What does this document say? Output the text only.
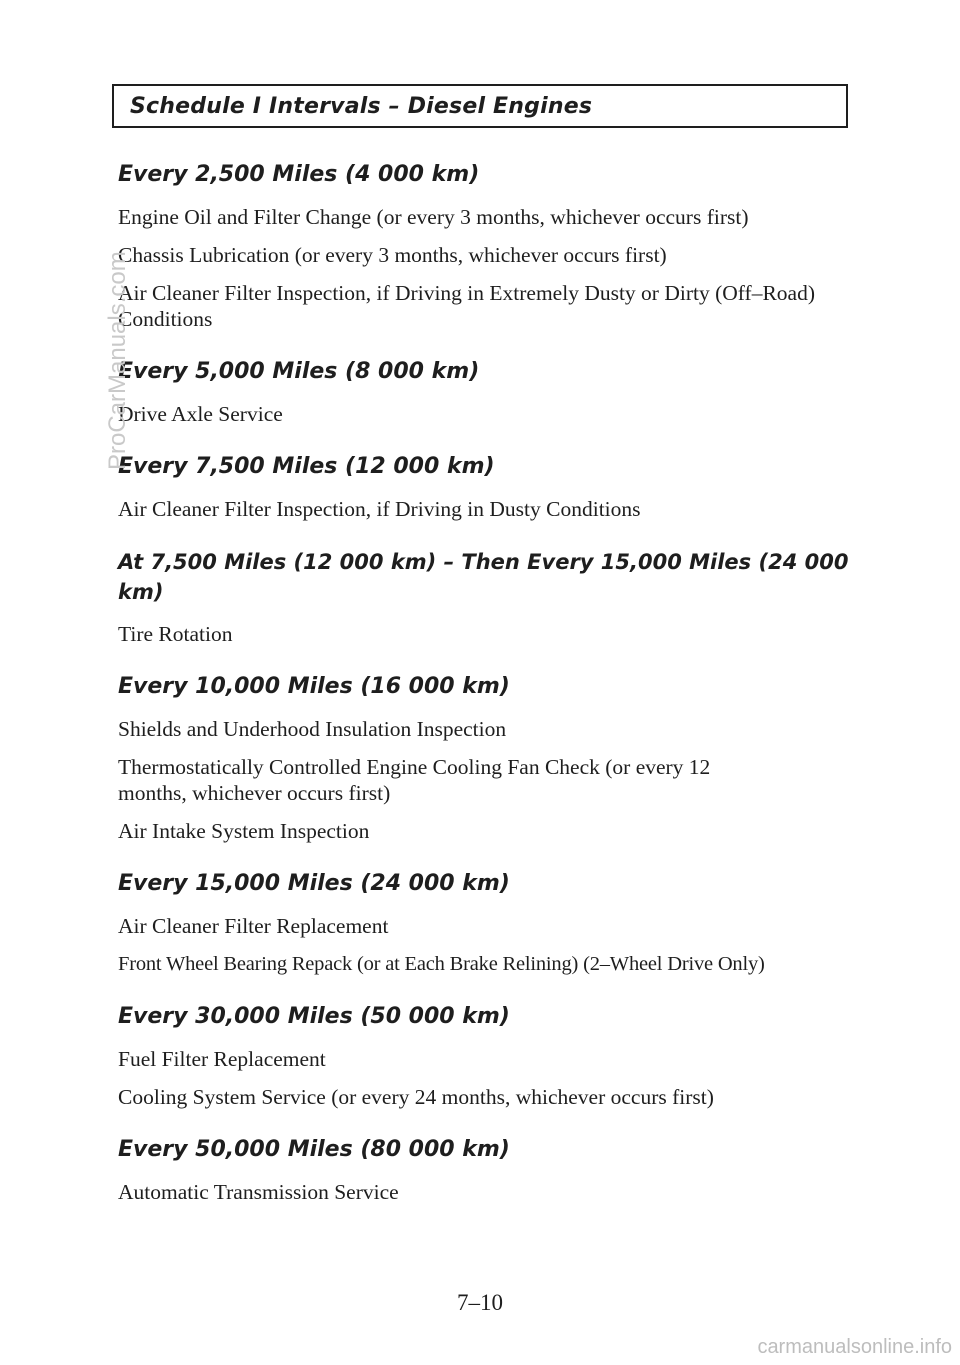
Schedule I Intervals – Diesel Engines
Every 2,500 Miles (4 000 km)

Engine Oil and Filter Change (or every 3 months, whichever occurs first)

Chassis Lubrication (or every 3 months, whichever occurs first)

Air Cleaner Filter Inspection, if Driving in Extremely Dusty or Dirty (Off–Road) Conditions

Every 5,000 Miles (8 000 km)

Drive Axle Service

Every 7,500 Miles (12 000 km)

Air Cleaner Filter Inspection, if Driving in Dusty Conditions

At 7,500 Miles (12 000 km) – Then Every 15,000 Miles (24 000 km)

Tire Rotation

Every 10,000 Miles (16 000 km)

Shields and Underhood Insulation Inspection

Thermostatically Controlled Engine Cooling Fan Check (or every 12 months, whichever occurs first)

Air Intake System Inspection

Every 15,000 Miles (24 000 km)

Air Cleaner Filter Replacement

Front Wheel Bearing Repack (or at Each Brake Relining) (2–Wheel Drive Only)

Every 30,000 Miles (50 000 km)

Fuel Filter Replacement

Cooling System Service (or every 24 months, whichever occurs first)

Every 50,000 Miles (80 000 km)

Automatic Transmission Service

7–10
ProCarManuals.com
carmanualsonline.info
